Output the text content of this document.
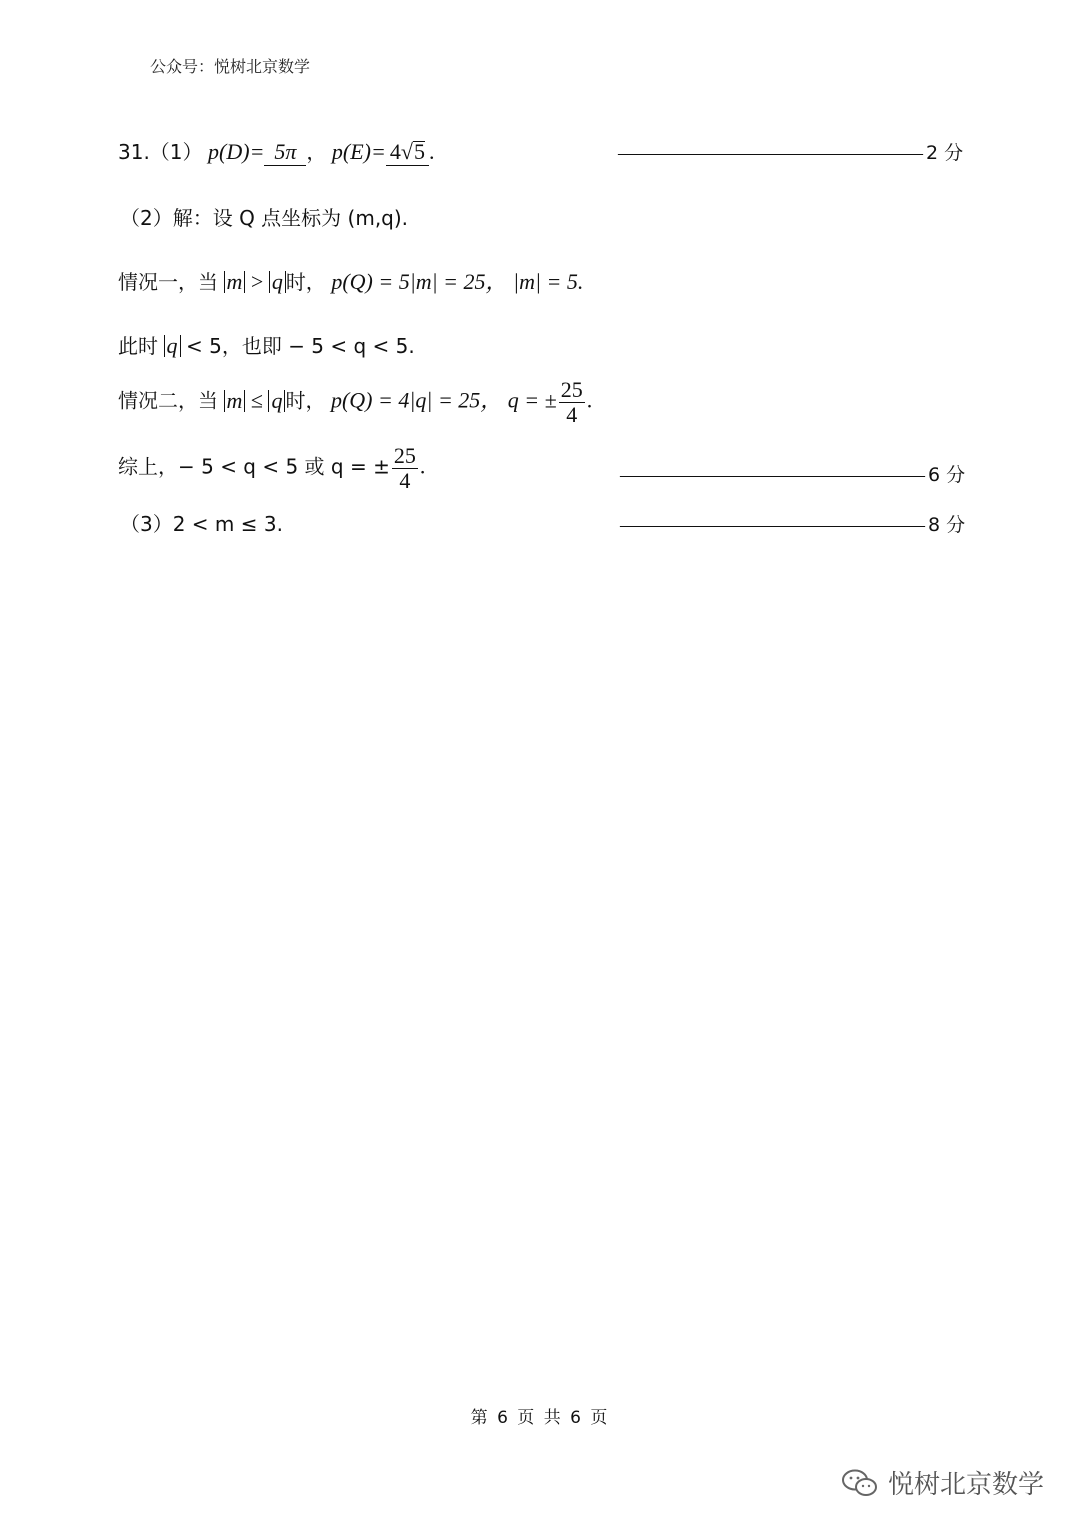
公众号：悦树北京数学
31.（1） p(D)= 5π ， p(E)= 4√5 .	———————————————— 2 分
（2）解：设 Q 点坐标为 (m,q).
情况一，当 m > q 时， p(Q) = 5|m| = 25， |m| = 5.
此时 q < 5，也即 − 5 < q < 5.
情况二，当 m ≤ q 时， p(Q) = 4|q| = 25， q = ± $\frac{25}{4}$ .
综上，− 5 < q < 5 或 q = ± $\frac{25}{4}$ .	———————————————— 6 分
（3）2 < m ≤ 3.	———————————————— 8 分
第 6 页 共 6 页
悦树北京数学
